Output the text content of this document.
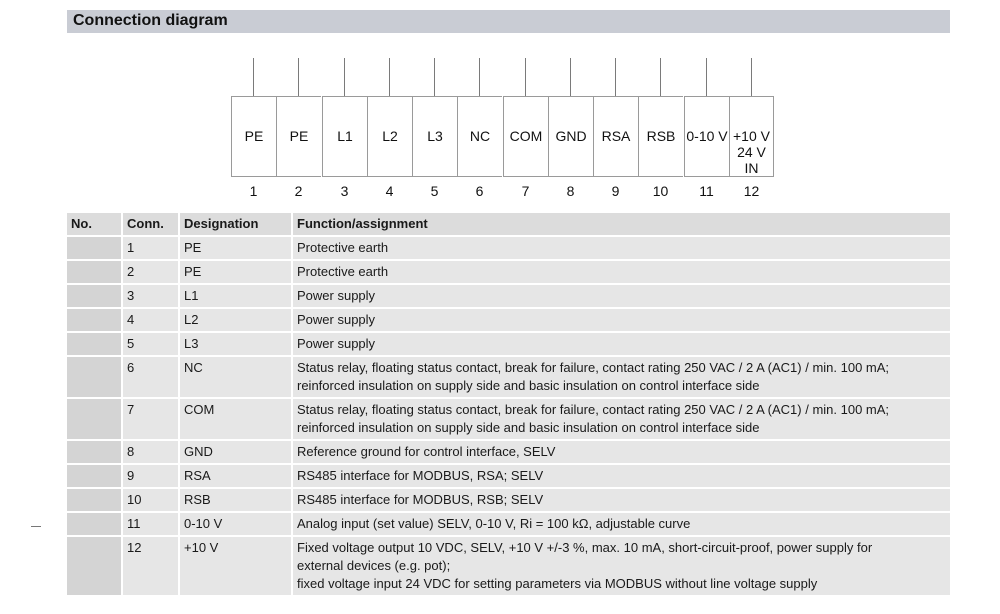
Connection diagram
PE
1
PE
2
L1
3
L2
4
L3
5
NC
6
COM
7
GND
8
RSA
9
RSB
10
0-10 V
11
+10 V
24 V IN
12
No.	Conn.	Designation	Function/assignment
	1	PE	Protective earth

	2	PE	Protective earth

	3	L1	Power supply

	4	L2	Power supply

	5	L3	Power supply

	6	NC	Status relay, floating status contact, break for failure, contact rating 250 VAC / 2 A (AC1) / min. 100 mA;
reinforced insulation on supply side and basic insulation on control interface side

	7	COM	Status relay, floating status contact, break for failure, contact rating 250 VAC / 2 A (AC1) / min. 100 mA;
reinforced insulation on supply side and basic insulation on control interface side

	8	GND	Reference ground for control interface, SELV

	9	RSA	RS485 interface for MODBUS, RSA; SELV

	10	RSB	RS485 interface for MODBUS, RSB; SELV

	11	0-10 V	Analog input (set value) SELV, 0-10 V, Ri = 100 kΩ, adjustable curve

	12	+10 V	Fixed voltage output 10 VDC, SELV, +10 V +/-3 %, max. 10 mA, short-circuit-proof, power supply for
external devices (e.g. pot);
fixed voltage input 24 VDC for setting parameters via MODBUS without line voltage supply
